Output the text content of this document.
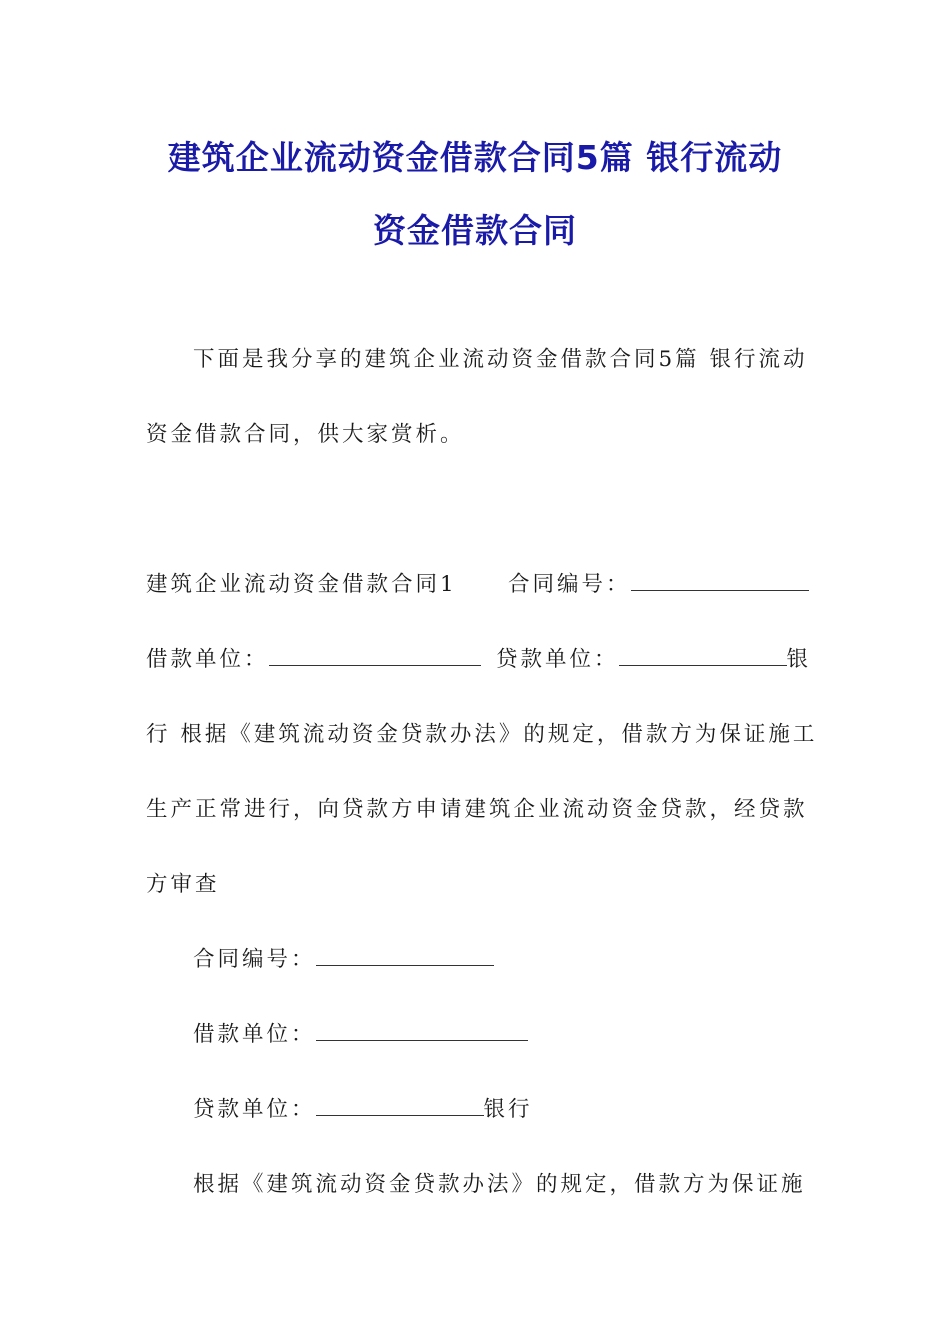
建筑企业流动资金借款合同5篇 银行流动
资金借款合同
下面是我分享的建筑企业流动资金借款合同5篇 银行流动
资金借款合同，供大家赏析。
建筑企业流动资金借款合同1 合同编号：
借款单位：	贷款单位：	银
行 根据《建筑流动资金贷款办法》的规定，借款方为保证施工
生产正常进行，向贷款方申请建筑企业流动资金贷款，经贷款
方审查
合同编号：
借款单位：
贷款单位：	银行
根据《建筑流动资金贷款办法》的规定，借款方为保证施
